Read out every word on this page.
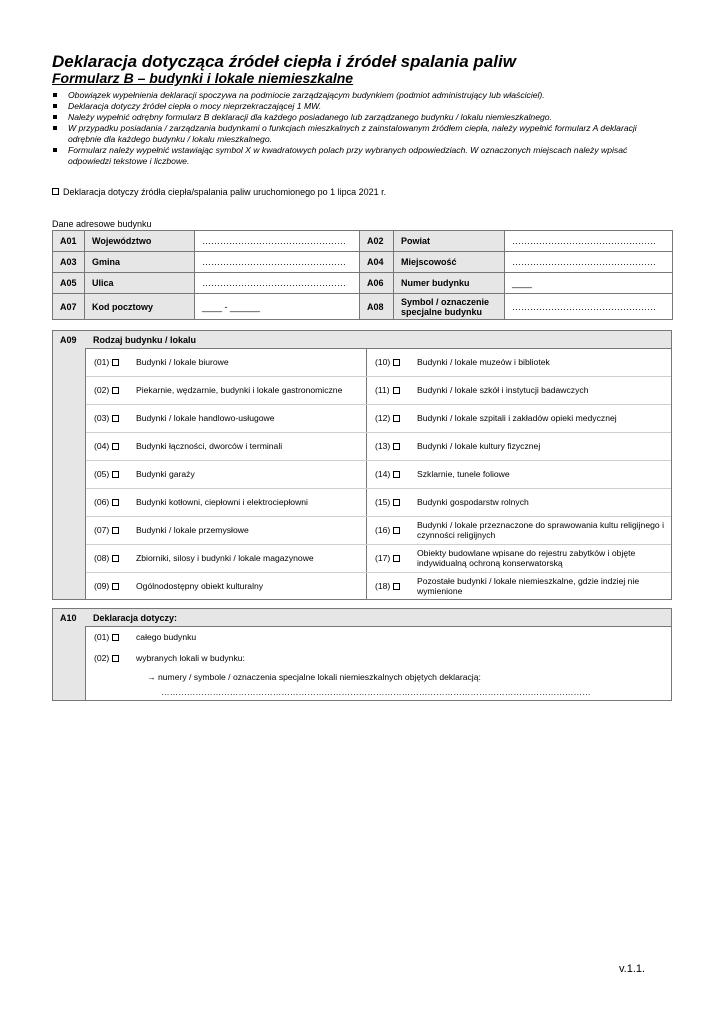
Deklaracja dotycząca źródeł ciepła i źródeł spalania paliw
Formularz B – budynki i lokale niemieszkalne
Obowiązek wypełnienia deklaracji spoczywa na podmiocie zarządzającym budynkiem (podmiot administrujący lub właściciel).
Deklaracja dotyczy źródeł ciepła o mocy nieprzekraczającej 1 MW.
Należy wypełnić odrębny formularz B deklaracji dla każdego posiadanego lub zarządzanego budynku / lokalu niemieszkalnego.
W przypadku posiadania / zarządzania budynkami o funkcjach mieszkalnych z zainstalowanym źródłem ciepła, należy wypełnić formularz A deklaracji odrębnie dla każdego budynku / lokalu mieszkalnego.
Formularz należy wypełnić wstawiając symbol X w kwadratowych polach przy wybranych odpowiedziach. W oznaczonych miejscach należy wpisać odpowiedzi tekstowe i liczbowe.
Deklaracja dotyczy źródła ciepła/spalania paliw uruchomionego po 1 lipca 2021 r.
Dane adresowe budynku
A01	Województwo	…………………………………………	A02	Powiat	…………………………………………
A03	Gmina	…………………………………………	A04	Miejscowość	…………………………………………
A05	Ulica	…………………………………………	A06	Numer budynku	____
A07	Kod pocztowy	____ - ______	A08	Symbol / oznaczenie specjalne budynku	…………………………………………
A09 Rodzaj budynku / lokalu
(01)	Budynki / lokale biurowe
(02)	Piekarnie, wędzarnie, budynki i lokale gastronomiczne
(03)	Budynki / lokale handlowo-usługowe
(04)	Budynki łączności, dworców i terminali
(05)	Budynki garaży
(06)	Budynki kotłowni, ciepłowni i elektrociepłowni
(07)	Budynki / lokale przemysłowe
(08)	Zbiorniki, silosy i budynki / lokale magazynowe
(09)	Ogólnodostępny obiekt kulturalny
(10)	Budynki / lokale muzeów i bibliotek
(11)	Budynki / lokale szkół i instytucji badawczych
(12)	Budynki / lokale szpitali i zakładów opieki medycznej
(13)	Budynki / lokale kultury fizycznej
(14)	Szklarnie, tunele foliowe
(15)	Budynki gospodarstw rolnych
(16)	Budynki / lokale przeznaczone do sprawowania kultu religijnego i czynności religijnych
(17)	Obiekty budowlane wpisane do rejestru zabytków i objęte indywidualną ochroną konserwatorską
(18)	Pozostałe budynki / lokale niemieszkalne, gdzie indziej nie wymienione
A10 Deklaracja dotyczy:
(01)	całego budynku
(02)	wybranych lokali w budynku:
→ numery / symbole / oznaczenia specjalne lokali niemieszkalnych objętych deklaracją:
……………………………………………………………………………………………………………………………………
v.1.1.
